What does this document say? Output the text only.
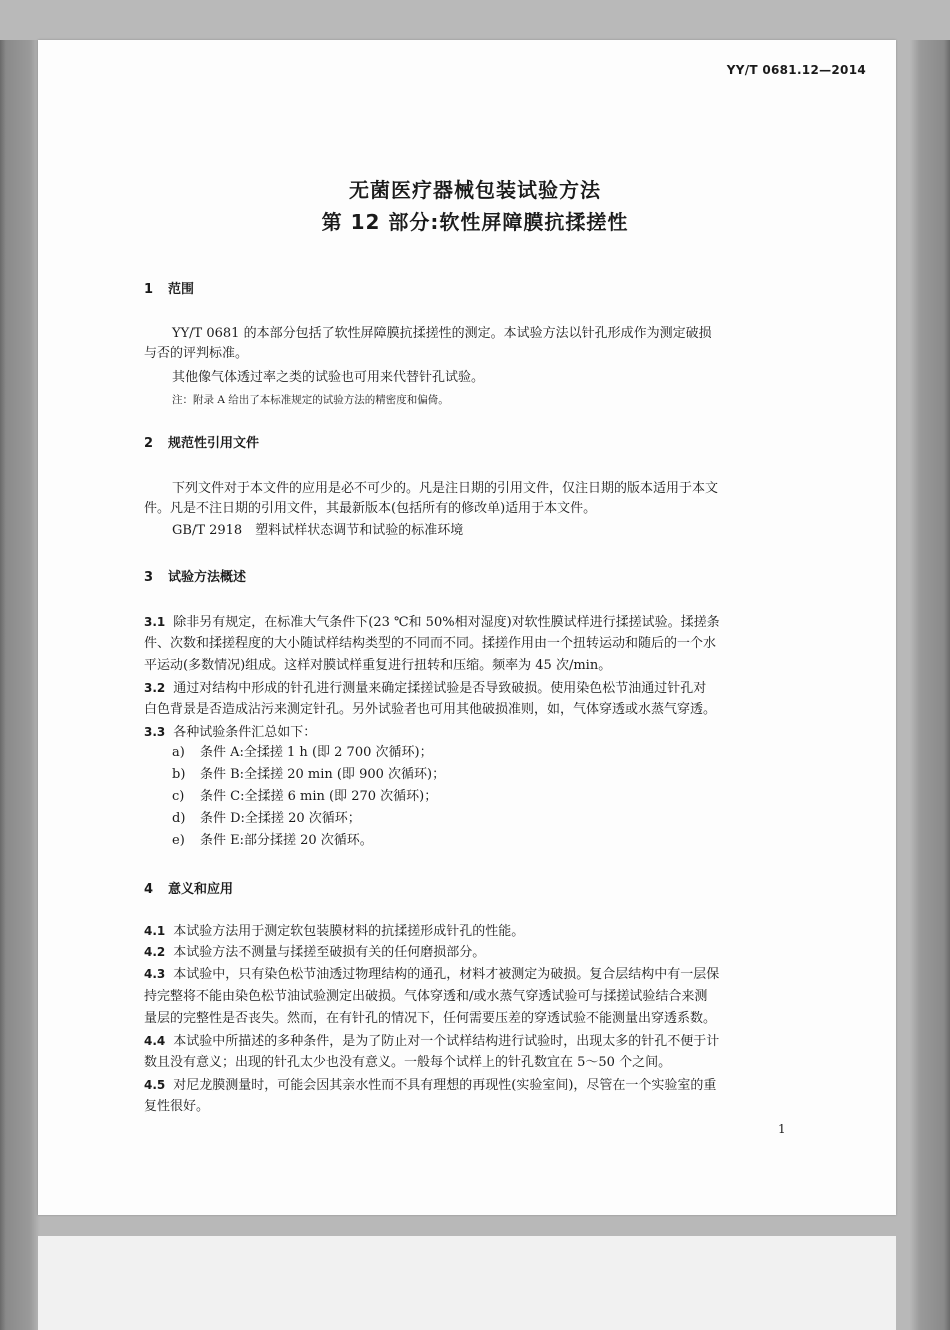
YY/T 0681.12—2014
无菌医疗器械包装试验方法
第 12 部分:软性屏障膜抗揉搓性
1 范围
YY/T 0681 的本部分包括了软性屏障膜抗揉搓性的测定。本试验方法以针孔形成作为测定破损
与否的评判标准。
其他像气体透过率之类的试验也可用来代替针孔试验。
注：附录 A 给出了本标准规定的试验方法的精密度和偏倚。
2 规范性引用文件
下列文件对于本文件的应用是必不可少的。凡是注日期的引用文件，仅注日期的版本适用于本文
件。凡是不注日期的引用文件，其最新版本(包括所有的修改单)适用于本文件。
GB/T 2918　塑料试样状态调节和试验的标准环境
3 试验方法概述
3.1 除非另有规定，在标准大气条件下(23 ℃和 50%相对湿度)对软性膜试样进行揉搓试验。揉搓条
件、次数和揉搓程度的大小随试样结构类型的不同而不同。揉搓作用由一个扭转运动和随后的一个水
平运动(多数情况)组成。这样对膜试样重复进行扭转和压缩。频率为 45 次/min。
3.2 通过对结构中形成的针孔进行测量来确定揉搓试验是否导致破损。使用染色松节油通过针孔对
白色背景是否造成沾污来测定针孔。另外试验者也可用其他破损准则，如，气体穿透或水蒸气穿透。
3.3 各种试验条件汇总如下：
a) 条件 A:全揉搓 1 h (即 2 700 次循环)；
b) 条件 B:全揉搓 20 min (即 900 次循环)；
c) 条件 C:全揉搓 6 min (即 270 次循环)；
d) 条件 D:全揉搓 20 次循环；
e) 条件 E:部分揉搓 20 次循环。
4 意义和应用
4.1 本试验方法用于测定软包装膜材料的抗揉搓形成针孔的性能。
4.2 本试验方法不测量与揉搓至破损有关的任何磨损部分。
4.3 本试验中，只有染色松节油透过物理结构的通孔，材料才被测定为破损。复合层结构中有一层保
持完整将不能由染色松节油试验测定出破损。气体穿透和/或水蒸气穿透试验可与揉搓试验结合来测
量层的完整性是否丧失。然而，在有针孔的情况下，任何需要压差的穿透试验不能测量出穿透系数。
4.4 本试验中所描述的多种条件，是为了防止对一个试样结构进行试验时，出现太多的针孔不便于计
数且没有意义；出现的针孔太少也没有意义。一般每个试样上的针孔数宜在 5～50 个之间。
4.5 对尼龙膜测量时，可能会因其亲水性而不具有理想的再现性(实验室间)，尽管在一个实验室的重
复性很好。
1
